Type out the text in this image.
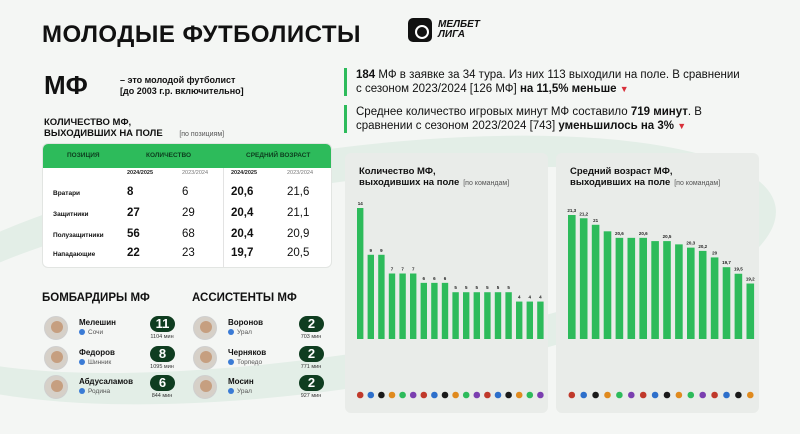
МОЛОДЫЕ ФУТБОЛИСТЫ	МЕЛБЕТ
ЛИГА
МФ	– это молодой футболист
[до 2003 г.р. включительно]
184 МФ в заявке за 34 тура. Из них 113 выходили на поле. В сравнении с сезоном 2023/2024 [126 МФ] на 11,5% меньше ▼
Среднее количество игровых минут МФ составило 719 минут. В сравнении с сезоном 2023/2024 [743] уменьшилось на 3% ▼
КОЛИЧЕСТВО МФ,
ВЫХОДИВШИХ НА ПОЛЕ [по позициям]
ПОЗИЦИЯ	КОЛИЧЕСТВО	СРЕДНИЙ ВОЗРАСТ
2024/2025	2023/2024	2024/2025	2023/2024
Вратари	8	6	20,6	21,6
Защитники	27	29	20,4	21,1
Полузащитники 56	68	20,4	20,9
Нападающие	22	23	19,7	20,5
БОМБАРДИРЫ МФ	АССИСТЕНТЫ МФ
Мелешин
Сочи
11
1104 мин
Федоров
Шинник
8
1095 мин
Абдусаламов
Родина
6
844 мин
Воронов
Урал
2
703 мин
Черняков
Торпедо
2
771 мин
Мосин
Урал
2
927 мин
Количество МФ,
выходивших на поле [по командам]
14
9 9
7 7 7
6 6 6
5 5 5 5 5 5
4 4 4
Средний возраст МФ,
выходивших на поле [по командам]
21,3
21,2
21
20,6	20,6
20,5
20,3
20,2
20
19,7
19,5
19,2
